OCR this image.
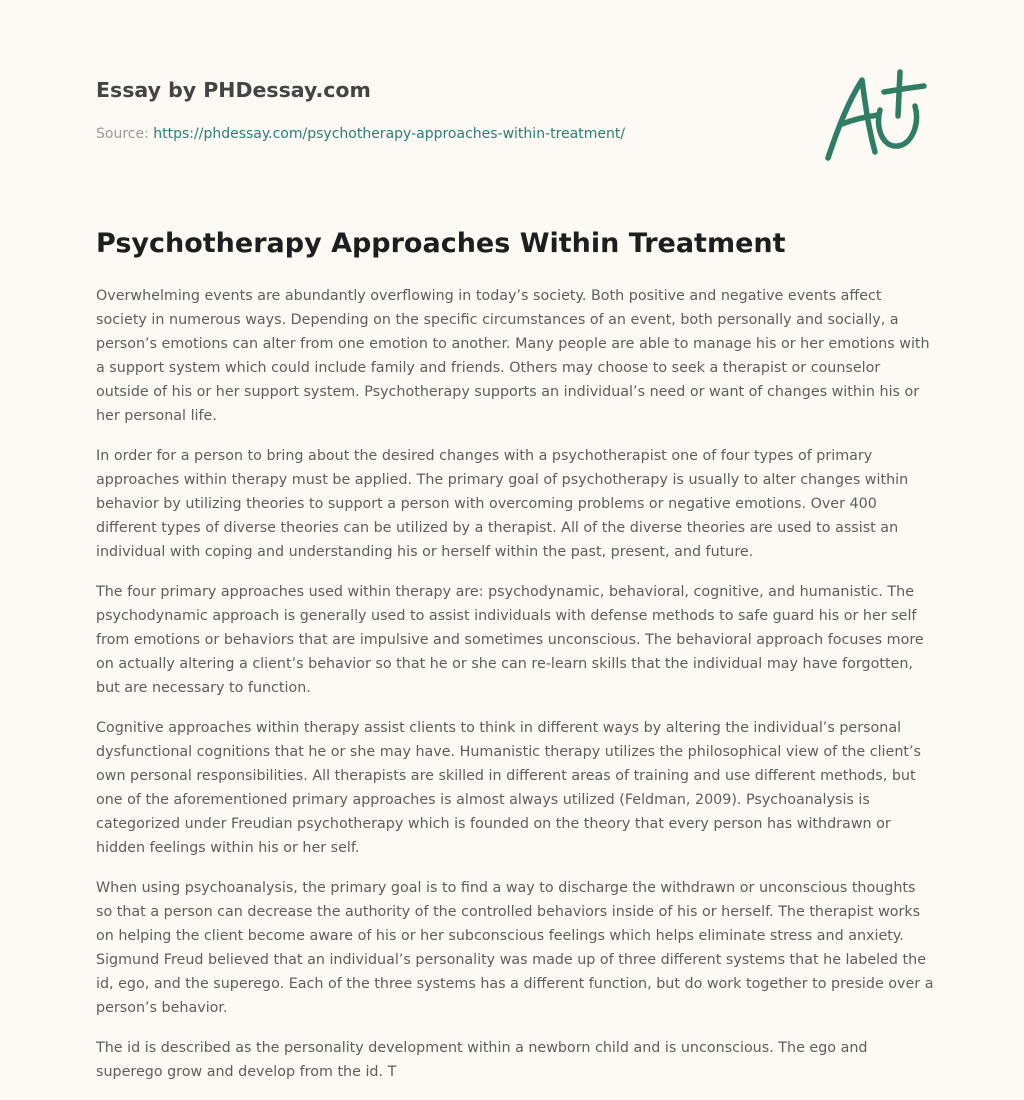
Essay by PHDessay.com
Source: https://phdessay.com/psychotherapy-approaches-within-treatment/
Psychotherapy Approaches Within Treatment

Overwhelming events are abundantly overflowing in today’s society. Both positive and negative events affect society in numerous ways. Depending on the specific circumstances of an event, both personally and socially, a person’s emotions can alter from one emotion to another. Many people are able to manage his or her emotions with a support system which could include family and friends. Others may choose to seek a therapist or counselor outside of his or her support system. Psychotherapy supports an individual’s need or want of changes within his or her personal life.

In order for a person to bring about the desired changes with a psychotherapist one of four types of primary approaches within therapy must be applied. The primary goal of psychotherapy is usually to alter changes within behavior by utilizing theories to support a person with overcoming problems or negative emotions. Over 400 different types of diverse theories can be utilized by a therapist. All of the diverse theories are used to assist an individual with coping and understanding his or herself within the past, present, and future.

The four primary approaches used within therapy are: psychodynamic, behavioral, cognitive, and humanistic. The psychodynamic approach is generally used to assist individuals with defense methods to safe guard his or her self from emotions or behaviors that are impulsive and sometimes unconscious. The behavioral approach focuses more on actually altering a client’s behavior so that he or she can re-learn skills that the individual may have forgotten, but are necessary to function.

Cognitive approaches within therapy assist clients to think in different ways by altering the individual’s personal dysfunctional cognitions that he or she may have. Humanistic therapy utilizes the philosophical view of the client’s own personal responsibilities. All therapists are skilled in different areas of training and use different methods, but one of the aforementioned primary approaches is almost always utilized (Feldman, 2009). Psychoanalysis is categorized under Freudian psychotherapy which is founded on the theory that every person has withdrawn or hidden feelings within his or her self.

When using psychoanalysis, the primary goal is to find a way to discharge the withdrawn or unconscious thoughts so that a person can decrease the authority of the controlled behaviors inside of his or herself. The therapist works on helping the client become aware of his or her subconscious feelings which helps eliminate stress and anxiety. Sigmund Freud believed that an individual’s personality was made up of three different systems that he labeled the id, ego, and the superego. Each of the three systems has a different function, but do work together to preside over a person’s behavior.

The id is described as the personality development within a newborn child and is unconscious. The ego and superego grow and develop from the id. T
